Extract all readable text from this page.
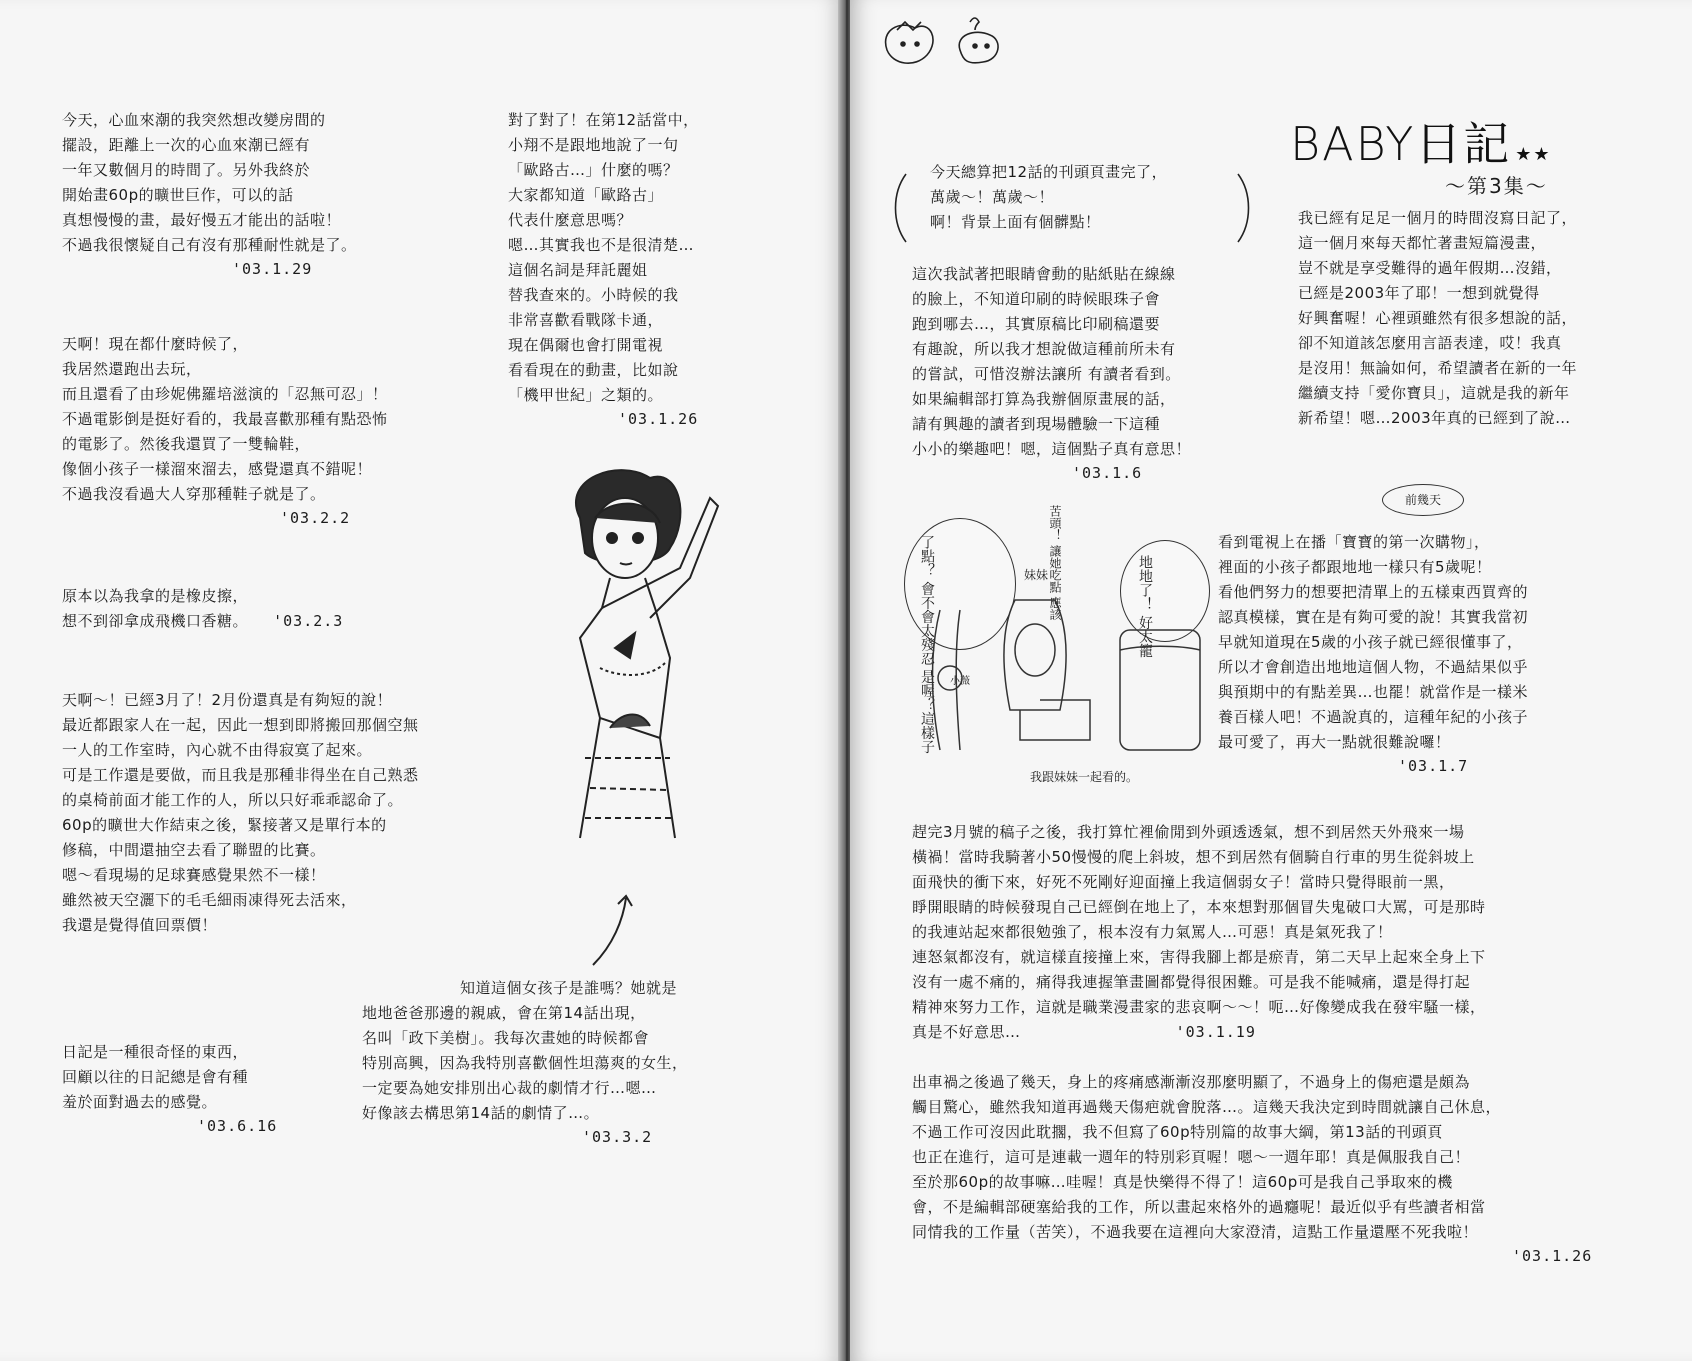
今天，心血來潮的我突然想改變房間的
擺設，距離上一次的心血來潮已經有
一年又數個月的時間了。另外我終於
開始畫60p的曠世巨作，可以的話
真想慢慢的畫，最好慢五才能出的話啦！
不過我很懷疑自己有沒有那種耐性就是了。
'03.1.29
對了對了！在第12話當中，
小翔不是跟地地說了一句
「歐路古…」什麼的嗎？
大家都知道「歐路古」
代表什麼意思嗎？
嗯…其實我也不是很清楚…
這個名詞是拜託麗姐
替我查來的。小時候的我
非常喜歡看戰隊卡通，
現在偶爾也會打開電視
看看現在的動畫，比如說
「機甲世紀」之類的。
'03.1.26
天啊！現在都什麼時候了，
我居然還跑出去玩，
而且還看了由珍妮佛羅培滋演的「忍無可忍」！
不過電影倒是挺好看的，我最喜歡那種有點恐怖
的電影了。然後我還買了一雙輪鞋，
像個小孩子一樣溜來溜去，感覺還真不錯呢！
不過我沒看過大人穿那種鞋子就是了。
'03.2.2
原本以為我拿的是橡皮擦，
想不到卻拿成飛機口香糖。 '03.2.3
天啊～！已經3月了！2月份還真是有夠短的說！
最近都跟家人在一起，因此一想到即將搬回那個空無
一人的工作室時，內心就不由得寂寞了起來。
可是工作還是要做，而且我是那種非得坐在自己熟悉
的桌椅前面才能工作的人，所以只好乖乖認命了。
60p的曠世大作結束之後，緊接著又是單行本的
修稿，中間還抽空去看了聯盟的比賽。
嗯～看現場的足球賽感覺果然不一樣！
雖然被天空灑下的毛毛細雨凍得死去活來，
我還是覺得值回票價！
知道這個女孩子是誰嗎？她就是
地地爸爸那邊的親戚，會在第14話出現，
名叫「政下美樹」。我每次畫她的時候都會
特別高興，因為我特別喜歡個性坦蕩爽的女生，
一定要為她安排別出心裁的劇情才行…嗯…
好像該去構思第14話的劇情了…。
'03.3.2
日記是一種很奇怪的東西，
回顧以往的日記總是會有種
羞於面對過去的感覺。
'03.6.16
BABY日記 ★★
～第3集～
今天總算把12話的刊頭頁畫完了，
萬歲～！萬歲～！
啊！背景上面有個髒點！	我已經有足足一個月的時間沒寫日記了，
這一個月來每天都忙著畫短篇漫畫，
豈不就是享受難得的過年假期…沒錯，
已經是2003年了耶！一想到就覺得
好興奮喔！心裡頭雖然有很多想說的話，
卻不知道該怎麼用言語表達，哎！我真
是沒用！無論如何，希望讀者在新的一年
繼續支持「愛你寶貝」，這就是我的新年
新希望！嗯…2003年真的已經到了說…
這次我試著把眼睛會動的貼紙貼在線線
的臉上，不知道印刷的時候眼珠子會
跑到哪去…，其實原稿比印刷稿還要
有趣說，所以我才想說做這種前所未有
的嘗試，可惜沒辦法讓所 有讀者看到。
如果編輯部打算為我辦個原畫展的話，
請有興趣的讀者到現場體驗一下這種
小小的樂趣吧！嗯，這個點子真有意思！
'03.1.6
前幾天
了點？ 會不會太殘忍 是喔？這樣子
地地了！ 好太籠
苦頭！ 讓她吃點 應該
妹妹
小薇
我跟妹妹一起看的。
看到電視上在播「寶寶的第一次購物」，
裡面的小孩子都跟地地一樣只有5歲呢！
看他們努力的想要把清單上的五樣東西買齊的
認真模樣，實在是有夠可愛的說！其實我當初
早就知道現在5歲的小孩子就已經很懂事了，
所以才會創造出地地這個人物，不過結果似乎
與預期中的有點差異…也罷！就當作是一樣米
養百樣人吧！不過說真的，這種年紀的小孩子
最可愛了，再大一點就很難說囉！
'03.1.7
趕完3月號的稿子之後，我打算忙裡偷閒到外頭透透氣，想不到居然天外飛來一場
橫禍！當時我騎著小50慢慢的爬上斜坡，想不到居然有個騎自行車的男生從斜坡上
面飛快的衝下來，好死不死剛好迎面撞上我這個弱女子！當時只覺得眼前一黑，
睜開眼睛的時候發現自己已經倒在地上了，本來想對那個冒失鬼破口大罵，可是那時
的我連站起來都很勉強了，根本沒有力氣罵人…可惡！真是氣死我了！
連怒氣都沒有，就這樣直接撞上來，害得我腳上都是瘀青，第二天早上起來全身上下
沒有一處不痛的，痛得我連握筆畫圖都覺得很困難。可是我不能喊痛，還是得打起
精神來努力工作，這就是職業漫畫家的悲哀啊～～！呃…好像變成我在發牢騷一樣，
真是不好意思…	'03.1.19
出車禍之後過了幾天，身上的疼痛感漸漸沒那麼明顯了，不過身上的傷疤還是頗為
觸目驚心，雖然我知道再過幾天傷疤就會脫落…。這幾天我決定到時間就讓自己休息，
不過工作可沒因此耽擱，我不但寫了60p特別篇的故事大綱，第13話的刊頭頁
也正在進行，這可是連載一週年的特別彩頁喔！嗯～一週年耶！真是佩服我自己！
至於那60p的故事嘛…哇喔！真是快樂得不得了！這60p可是我自己爭取來的機
會，不是編輯部硬塞給我的工作，所以畫起來格外的過癮呢！最近似乎有些讀者相當
同情我的工作量（苦笑），不過我要在這裡向大家澄清，這點工作量還壓不死我啦！
'03.1.26
